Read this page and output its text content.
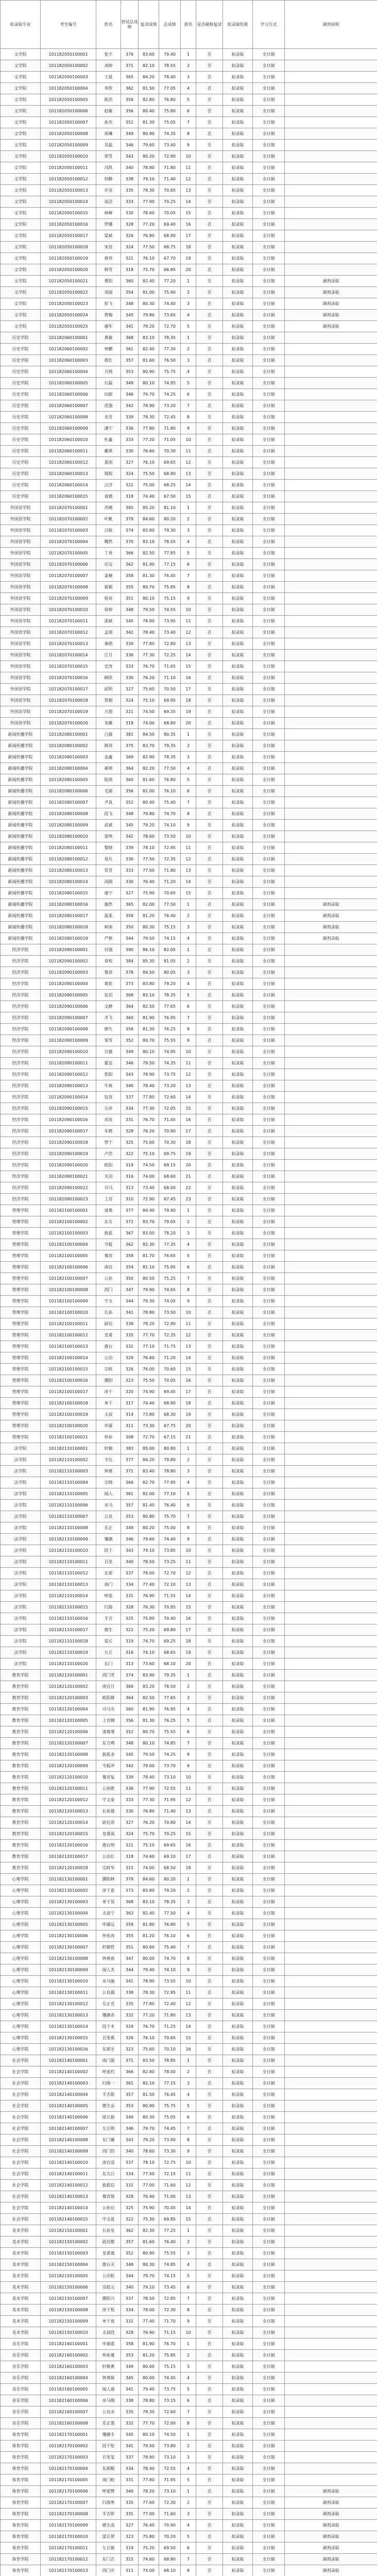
拟录取专业	考生编号	姓名	初试总成绩	复试成绩	总成绩	排名	是否破格复试	拟录取结果	学习方式	调剂说明
文学院	101182050100001	张宇	376	83.60	79.40	1	否	拟录取	全日制	
文学院	101182050100002	刘婷	371	82.10	78.55	2	否	拟录取	全日制	
文学院	101182050100003	王晨	365	84.20	78.40	3	否	拟录取	全日制	
文学院	101182050100004	李欣	362	81.50	77.05	4	否	拟录取	全日制	
文学院	101182050100005	陈浩	358	82.80	76.80	5	否	拟录取	全日制	
文学院	101182050100006	赵敏	356	80.40	75.80	6	否	拟录取	全日制	
文学院	101182050100007	孙杰	352	81.30	75.05	7	否	拟录取	全日制	
文学院	101182050100008	周琳	349	80.90	74.35	8	否	拟录取	全日制	
文学院	101182050100009	吴磊	346	79.60	73.40	9	否	拟录取	全日制	
文学院	101182050100010	郑雪	343	80.20	72.90	10	否	拟录取	全日制	
文学院	101182050100011	冯凯	340	78.80	71.80	11	否	拟录取	全日制	
文学院	101182050100012	何静	338	79.10	71.40	12	否	拟录取	全日制	
文学院	101182050100013	许亮	335	78.30	70.65	13	否	拟录取	全日制	
文学院	101182050100014	高洁	333	77.90	70.25	14	否	拟录取	全日制	
文学院	101182050100015	林峰	330	78.60	70.05	15	否	拟录取	全日制	
文学院	101182050100016	罗娜	328	77.20	69.40	16	否	拟录取	全日制	
文学院	101182050100017	梁斌	326	76.80	68.90	17	否	拟录取	全日制	
文学院	101182050100018	宋佳	324	77.50	68.75	18	否	拟录取	全日制	
文学院	101182050100019	唐伟	321	76.10	67.70	19	否	拟录取	全日制	
文学院	101182050100020	韩雪	318	75.70	66.95	20	否	拟录取	全日制	
文学院	101182050100021	曹阳	360	82.40	77.20	1	否	拟录取	全日制	调剂录取
文学院	101182050100022	邓丽	354	81.00	75.90	2	否	拟录取	全日制	调剂录取
文学院	101182050100023	彭飞	348	80.30	74.40	3	否	拟录取	全日制	调剂录取
文学院	101182050100024	曾梅	345	79.80	73.65	4	否	拟录取	全日制	调剂录取
文学院	101182050100025	谢军	341	79.20	72.70	5	否	拟录取	全日制	调剂录取
历史学院	101182060100001	黄敏	368	83.10	78.35	1	否	拟录取	全日制	
历史学院	101182060100002	钟鹏	361	82.40	77.30	2	否	拟录取	全日制	
历史学院	101182060100003	蒋红	357	81.60	76.50	3	否	拟录取	全日制	
历史学院	101182060100004	方晓	353	80.90	75.75	4	否	拟录取	全日制	
历史学院	101182060100005	石磊	349	80.10	74.95	5	否	拟录取	全日制	
历史学院	101182060100006	田甜	346	79.70	74.25	6	否	拟录取	全日制	
历史学院	101182060100007	范强	342	78.90	73.20	7	否	拟录取	全日制	
历史学院	101182060100008	余芳	339	78.30	72.45	8	否	拟录取	全日制	
历史学院	101182060100009	潘宁	336	77.80	71.80	9	否	拟录取	全日制	
历史学院	101182060100010	杜鑫	333	77.20	71.05	10	否	拟录取	全日制	
历史学院	101182060100011	戴琪	330	76.60	70.30	11	否	拟录取	全日制	
历史学院	101182060100012	夏雨	327	76.10	69.65	12	否	拟录取	全日制	
历史学院	101182060100013	钱程	324	75.50	68.90	13	否	拟录取	全日制	
历史学院	101182060100014	汪洋	321	75.00	68.25	14	否	拟录取	全日制	
历史学院	101182060100015	袁媛	318	74.40	67.50	15	否	拟录取	全日制	
外国语学院	101182070100001	苏晴	385	85.20	81.10	1	否	拟录取	全日制	
外国语学院	101182070100002	叶帆	379	84.60	80.20	2	否	拟录取	全日制	
外国语学院	101182070100003	吕航	374	83.80	79.30	3	否	拟录取	全日制	
外国语学院	101182070100004	魏然	370	83.10	78.55	4	否	拟录取	全日制	
外国语学院	101182070100005	丁香	366	82.50	77.85	5	否	拟录取	全日制	
外国语学院	101182070100006	任远	362	81.90	77.15	6	否	拟录取	全日制	
外国语学院	101182070100007	姜楠	358	81.30	76.45	7	否	拟录取	全日制	
外国语学院	101182070100008	崔颖	355	80.70	75.85	8	否	拟录取	全日制	
外国语学院	101182070100009	程亮	351	80.10	75.15	9	否	拟录取	全日制	
外国语学院	101182070100010	侯婷	348	79.50	74.55	10	否	拟录取	全日制	
外国语学院	101182070100011	邵斌	345	78.90	73.95	11	否	拟录取	全日制	
外国语学院	101182070100012	孟瑶	342	78.40	73.40	12	否	拟录取	全日制	
外国语学院	101182070100013	秦朗	339	77.80	72.80	13	否	拟录取	全日制	
外国语学院	101182070100014	江月	336	77.30	72.25	14	否	拟录取	全日制	
外国语学院	101182070100015	史涛	333	76.70	71.65	15	否	拟录取	全日制	
外国语学院	101182070100016	顾欣	330	76.20	71.10	16	否	拟录取	全日制	
外国语学院	101182070100017	邱明	327	75.60	70.50	17	否	拟录取	全日制	
外国语学院	101182070100018	贺娟	324	75.10	69.95	18	否	拟录取	全日制	
外国语学院	101182070100019	万超	321	74.50	69.35	19	否	拟录取	全日制	
外国语学院	101182070100020	龙薇	318	74.00	68.80	20	否	拟录取	全日制	
新闻传播学院	101182080100001	白露	381	84.50	80.35	1	否	拟录取	全日制	
新闻传播学院	101182080100002	熊伟	375	83.70	79.35	2	否	拟录取	全日制	
新闻传播学院	101182080100003	金鑫	369	82.90	78.35	3	否	拟录取	全日制	
新闻传播学院	101182080100004	郝帅	364	82.20	77.50	4	否	拟录取	全日制	
新闻传播学院	101182080100005	陆瑶	360	81.60	76.80	5	否	拟录取	全日制	
新闻传播学院	101182080100006	毛源	356	81.00	76.10	6	否	拟录取	全日制	
新闻传播学院	101182080100007	尹真	352	80.40	75.40	7	否	拟录取	全日制	
新闻传播学院	101182080100008	段飞	348	79.80	74.70	8	否	拟录取	全日制	
新闻传播学院	101182080100009	武斌	345	79.20	74.10	9	否	拟录取	全日制	
新闻传播学院	101182080100010	雷鸣	342	78.60	73.50	10	否	拟录取	全日制	
新闻传播学院	101182080100011	黎晓	339	78.10	72.95	11	否	拟录取	全日制	
新闻传播学院	101182080100012	易凡	336	77.50	72.35	12	否	拟录取	全日制	
新闻传播学院	101182080100013	常青	333	77.00	71.80	13	否	拟录取	全日制	
新闻传播学院	101182080100014	汤圆	330	76.40	71.20	14	否	拟录取	全日制	
新闻传播学院	101182080100015	康宁	327	75.90	70.65	15	否	拟录取	全日制	
新闻传播学院	101182080100016	施然	365	82.00	77.50	1	否	拟录取	全日制	调剂录取
新闻传播学院	101182080100017	温柔	358	81.20	76.40	2	否	拟录取	全日制	调剂录取
新闻传播学院	101182080100018	柯南	350	80.30	75.15	3	否	拟录取	全日制	调剂录取
新闻传播学院	101182080100019	严格	344	79.50	74.15	4	否	拟录取	全日制	调剂录取
经济学院	101182090100001	付强	390	86.10	82.05	1	否	拟录取	全日制	
经济学院	101182090100002	章程	384	85.30	81.05	2	否	拟录取	全日制	
经济学院	101182090100003	鲁滨	378	84.50	80.05	3	否	拟录取	全日制	
经济学院	101182090100004	葛优	373	83.80	79.20	4	否	拟录取	全日制	
经济学院	101182090100005	伍佰	368	83.10	78.35	5	否	拟录取	全日制	
经济学院	101182090100006	文静	364	82.50	77.65	6	否	拟录取	全日制	
经济学院	101182090100007	齐飞	360	81.90	76.95	7	否	拟录取	全日制	
经济学院	101182090100008	廖凡	356	81.30	76.25	8	否	拟录取	全日制	
经济学院	101182090100009	邹雪	352	80.70	75.55	9	否	拟录取	全日制	
经济学院	101182090100010	甘露	349	80.10	74.95	10	否	拟录取	全日制	
经济学院	101182090100011	霍达	346	79.50	74.35	11	否	拟录取	全日制	
经济学院	101182090100012	焦阳	343	78.90	73.75	12	否	拟录取	全日制	
经济学院	101182090100013	牛犇	340	78.40	73.20	13	否	拟录取	全日制	
经济学院	101182090100014	包容	337	77.80	72.60	14	否	拟录取	全日制	
经济学院	101182090100015	左岸	334	77.30	72.05	15	否	拟录取	全日制	
经济学院	101182090100016	祁连	331	76.70	71.45	16	否	拟录取	全日制	
经济学院	101182090100017	车晓	328	76.20	70.90	17	否	拟录取	全日制	
经济学院	101182090100018	管宁	325	75.60	70.30	18	否	拟录取	全日制	
经济学院	101182090100019	卢浩	322	75.10	69.75	19	否	拟录取	全日制	
经济学院	101182090100020	欧阳	319	74.50	69.15	20	否	拟录取	全日制	
经济学院	101182090100021	关羽	316	74.00	68.60	21	否	拟录取	全日制	
经济学院	101182090100022	司马	313	73.40	68.00	22	否	拟录取	全日制	
经济学院	101182090100023	上官	310	72.90	67.45	23	否	拟录取	全日制	
管理学院	101182100100001	诸葛	377	84.40	79.90	1	否	拟录取	全日制	
管理学院	101182100100002	东方	372	83.70	79.05	2	否	拟录取	全日制	
管理学院	101182100100003	独孤	367	83.00	78.20	3	否	拟录取	全日制	
管理学院	101182100100004	令狐	362	82.30	77.35	4	否	拟录取	全日制	
管理学院	101182100100005	慕容	358	81.70	76.65	5	否	拟录取	全日制	
管理学院	101182100100006	南宫	354	81.10	75.95	6	否	拟录取	全日制	
管理学院	101182100100007	公孙	350	80.50	75.25	7	否	拟录取	全日制	
管理学院	101182100100008	西门	347	79.90	74.65	8	否	拟录取	全日制	
管理学院	101182100100009	宇文	344	79.30	74.05	9	否	拟录取	全日制	
管理学院	101182100100010	长孙	341	78.80	73.50	10	否	拟录取	全日制	
管理学院	101182100100011	尉迟	338	78.20	72.90	11	否	拟录取	全日制	
管理学院	101182100100012	皇甫	335	77.70	72.35	12	否	拟录取	全日制	
管理学院	101182100100013	澹台	332	77.10	71.75	13	否	拟录取	全日制	
管理学院	101182100100014	公冶	329	76.60	71.20	14	否	拟录取	全日制	
管理学院	101182100100015	宗政	326	76.00	70.60	15	否	拟录取	全日制	
管理学院	101182100100016	濮阳	323	75.50	70.05	16	否	拟录取	全日制	
管理学院	101182100100017	淳于	320	74.90	69.45	17	否	拟录取	全日制	
管理学院	101182100100018	单于	317	74.40	68.90	18	否	拟录取	全日制	
管理学院	101182100100019	太叔	314	73.80	68.30	19	否	拟录取	全日制	
管理学院	101182100100020	申屠	311	73.30	67.75	20	否	拟录取	全日制	
管理学院	101182100100021	仲孙	308	72.70	67.15	21	否	拟录取	全日制	
法学院	101182110100001	轩辕	383	85.00	80.80	1	否	拟录取	全日制	
法学院	101182110100002	令仪	377	84.20	79.80	2	否	拟录取	全日制	
法学院	101182110100003	钟离	371	83.40	78.80	3	否	拟录取	全日制	
法学院	101182110100004	宗晓	366	82.70	77.95	4	否	拟录取	全日制	
法学院	101182110100005	闻人	361	82.00	77.10	5	否	拟录取	全日制	
法学院	101182110100006	巫马	357	81.40	76.40	6	否	拟录取	全日制	
法学院	101182110100007	公良	353	80.80	75.70	7	否	拟录取	全日制	
法学院	101182110100008	乐正	349	80.20	75.00	8	否	拟录取	全日制	
法学院	101182110100009	壤驷	346	79.60	74.40	9	否	拟录取	全日制	
法学院	101182110100010	段干	343	79.10	73.85	10	否	拟录取	全日制	
法学院	101182110100011	百里	340	78.50	73.25	11	否	拟录取	全日制	
法学院	101182110100012	东郭	337	78.00	72.70	12	否	拟录取	全日制	
法学院	101182110100013	南门	334	77.40	72.10	13	否	拟录取	全日制	
法学院	101182110100014	呼延	331	76.90	71.55	14	否	拟录取	全日制	
法学院	101182110100015	归海	328	76.30	70.95	15	否	拟录取	全日制	
法学院	101182110100016	羊舌	325	75.80	70.40	16	否	拟录取	全日制	
法学院	101182110100017	微生	322	75.20	69.80	17	否	拟录取	全日制	
法学院	101182110100018	梁丘	319	74.70	69.25	18	否	拟录取	全日制	
法学院	101182110100019	左丘	316	74.10	68.65	19	否	拟录取	全日制	
法学院	101182110100020	东门	313	73.60	68.10	20	否	拟录取	全日制	
教育学院	101182120100001	西门雪	374	83.90	79.35	1	否	拟录取	全日制	
教育学院	101182120100002	南宫月	369	83.20	78.50	2	否	拟录取	全日制	
教育学院	101182120100003	欧阳修	364	82.50	77.65	3	否	拟录取	全日制	
教育学院	101182120100004	司马光	360	81.90	76.95	4	否	拟录取	全日制	
教育学院	101182120100005	上官婉	356	81.30	76.25	5	否	拟录取	全日制	
教育学院	101182120100006	诸葛瑾	352	80.70	75.55	6	否	拟录取	全日制	
教育学院	101182120100007	东方朔	348	80.10	74.85	7	否	拟录取	全日制	
教育学院	101182120100008	独孤求	345	79.50	74.25	8	否	拟录取	全日制	
教育学院	101182120100009	令狐冲	342	79.00	73.70	9	否	拟录取	全日制	
教育学院	101182120100010	慕容复	339	78.40	73.10	10	否	拟录取	全日制	
教育学院	101182120100011	公孙胜	336	77.90	72.55	11	否	拟录取	全日制	
教育学院	101182120100012	宇文泰	333	77.30	71.95	12	否	拟录取	全日制	
教育学院	101182120100013	长孙晟	330	76.80	71.40	13	否	拟录取	全日制	
教育学院	101182120100014	尉迟恭	327	76.20	70.80	14	否	拟录取	全日制	
教育学院	101182120100015	皇甫嵩	324	75.70	70.25	15	否	拟录取	全日制	
教育学院	101182120100016	澹台明	321	75.10	69.65	16	否	拟录取	全日制	
教育学院	101182120100017	公冶长	318	74.60	69.10	17	否	拟录取	全日制	
教育学院	101182120100018	宗政华	315	74.00	68.50	18	否	拟录取	全日制	
心理学院	101182130100001	濮阳林	379	84.60	80.20	1	否	拟录取	全日制	
心理学院	101182130100002	淳于意	373	83.80	79.20	2	否	拟录取	全日制	
心理学院	101182130100003	单于昊	368	83.10	78.35	3	否	拟录取	全日制	
心理学院	101182130100004	太叔宁	363	82.40	77.50	4	否	拟录取	全日制	
心理学院	101182130100005	申屠远	359	81.80	76.80	5	否	拟录取	全日制	
心理学院	101182130100006	仲孙涛	355	81.20	76.10	6	否	拟录取	全日制	
心理学院	101182130100007	轩辕哲	351	80.60	75.40	7	否	拟录取	全日制	
心理学院	101182130100008	钟离春	347	80.00	74.70	8	否	拟录取	全日制	
心理学院	101182130100009	闻人杰	344	79.40	74.10	9	否	拟录取	全日制	
心理学院	101182130100010	巫马施	341	78.90	73.55	10	否	拟录取	全日制	
心理学院	101182130100011	公良孺	338	78.30	72.95	11	否	拟录取	全日制	
心理学院	101182130100012	乐正克	335	77.80	72.40	12	否	拟录取	全日制	
心理学院	101182130100013	壤驷赤	332	77.20	71.80	13	否	拟录取	全日制	
心理学院	101182130100014	段干木	329	76.70	71.25	14	否	拟录取	全日制	
心理学院	101182130100015	百里奚	326	76.10	70.65	15	否	拟录取	全日制	
心理学院	101182130100016	东郭牙	323	75.60	70.10	16	否	拟录取	全日制	
社会学院	101182140100001	南门强	371	83.50	78.85	1	否	拟录取	全日制	
社会学院	101182140100002	呼延灼	366	82.80	78.00	2	否	拟录取	全日制	
社会学院	101182140100003	归海一	361	82.10	77.15	3	否	拟录取	全日制	
社会学院	101182140100004	羊舌职	357	81.50	76.45	4	否	拟录取	全日制	
社会学院	101182140100005	微生亩	353	80.90	75.75	5	否	拟录取	全日制	
社会学院	101182140100006	梁丘据	349	80.30	75.05	6	否	拟录取	全日制	
社会学院	101182140100007	左丘明	346	79.70	74.45	7	否	拟录取	全日制	
社会学院	101182140100008	东门襄	343	79.20	73.90	8	否	拟录取	全日制	
社会学院	101182140100009	西门豹	340	78.60	73.30	9	否	拟录取	全日制	
社会学院	101182140100010	南宫适	337	78.10	72.75	10	否	拟录取	全日制	
社会学院	101182140100011	东方白	334	77.50	72.15	11	否	拟录取	全日制	
社会学院	101182140100012	独孤信	331	77.00	71.60	12	否	拟录取	全日制	
社会学院	101182140100013	慕容恪	328	76.40	71.00	13	否	拟录取	全日制	
社会学院	101182140100014	公孙衍	325	75.90	70.45	14	否	拟录取	全日制	
社会学院	101182140100015	宇文邕	322	75.30	69.85	15	否	拟录取	全日制	
美术学院	101182150100001	长孙皇	362	82.30	77.25	1	否	拟录取	全日制	
美术学院	101182150100002	尉迟敬	357	81.60	76.40	2	否	拟录取	全日制	
美术学院	101182150100003	皇甫谧	352	80.90	75.55	3	否	拟录取	全日制	
美术学院	101182150100004	澹台灭	348	80.30	74.85	4	否	拟录取	全日制	
美术学院	101182150100005	公冶乾	344	79.70	74.15	5	否	拟录取	全日制	
美术学院	101182150100006	宗政元	340	79.10	73.45	6	否	拟录取	全日制	
美术学院	101182150100007	濮阳兴	337	78.50	72.85	7	否	拟录取	全日制	
美术学院	101182150100008	淳于髡	334	78.00	72.30	8	否	拟录取	全日制	
美术学院	101182150100009	单于夜	331	77.40	71.70	9	否	拟录取	全日制	
美术学院	101182150100010	太叔段	328	76.90	71.15	10	否	拟录取	全日制	
音乐学院	101182160100001	申屠嘉	358	81.90	76.70	1	否	拟录取	全日制	
音乐学院	101182160100002	仲孙蔑	353	81.20	75.85	2	否	拟录取	全日制	
音乐学院	101182160100003	轩辕黄	349	80.60	75.15	3	否	拟录取	全日制	
音乐学院	101182160100004	钟离昧	345	80.00	74.45	4	否	拟录取	全日制	
音乐学院	101182160100005	闻人通	341	79.40	73.75	5	否	拟录取	全日制	
音乐学院	101182160100006	巫马期	338	78.80	73.15	6	否	拟录取	全日制	
音乐学院	101182160100007	公良赤	335	78.30	72.60	7	否	拟录取	全日制	
音乐学院	101182160100008	乐正裘	332	77.70	72.00	8	否	拟录取	全日制	
体育学院	101182170100001	壤驷丰	345	80.10	74.50	1	否	拟录取	全日制	
体育学院	101182170100002	段干纶	341	79.50	73.80	2	否	拟录取	全日制	
体育学院	101182170100003	百里玺	337	78.90	73.10	3	否	拟录取	全日制	
体育学院	101182170100004	东郭顺	334	78.40	72.55	4	否	拟录取	全日制	
体育学院	101182170100005	南门蛟	331	77.80	71.95	5	否	拟录取	全日制	
体育学院	101182170100006	呼延赞	340	78.20	73.10	1	否	拟录取	全日制	调剂录取
体育学院	101182170100007	归海寒	335	77.60	72.30	2	否	拟录取	全日制	调剂录取
体育学院	101182170100008	羊舌肸	331	77.00	71.60	3	否	拟录取	全日制	调剂录取
体育学院	101182170100009	微生高	327	76.40	70.90	4	否	拟录取	全日制	调剂录取
体育学院	101182170100010	梁丘贺	323	75.80	70.20	5	否	拟录取	全日制	调剂录取
体育学院	101182170100011	左丘敏	319	75.20	69.50	6	否	拟录取	全日制	调剂录取
体育学院	101182170100012	东门吉	315	74.60	68.80	7	否	拟录取	全日制	调剂录取
体育学院	101182170100013	西门庆	311	74.00	68.10	8	否	拟录取	全日制	调剂录取
